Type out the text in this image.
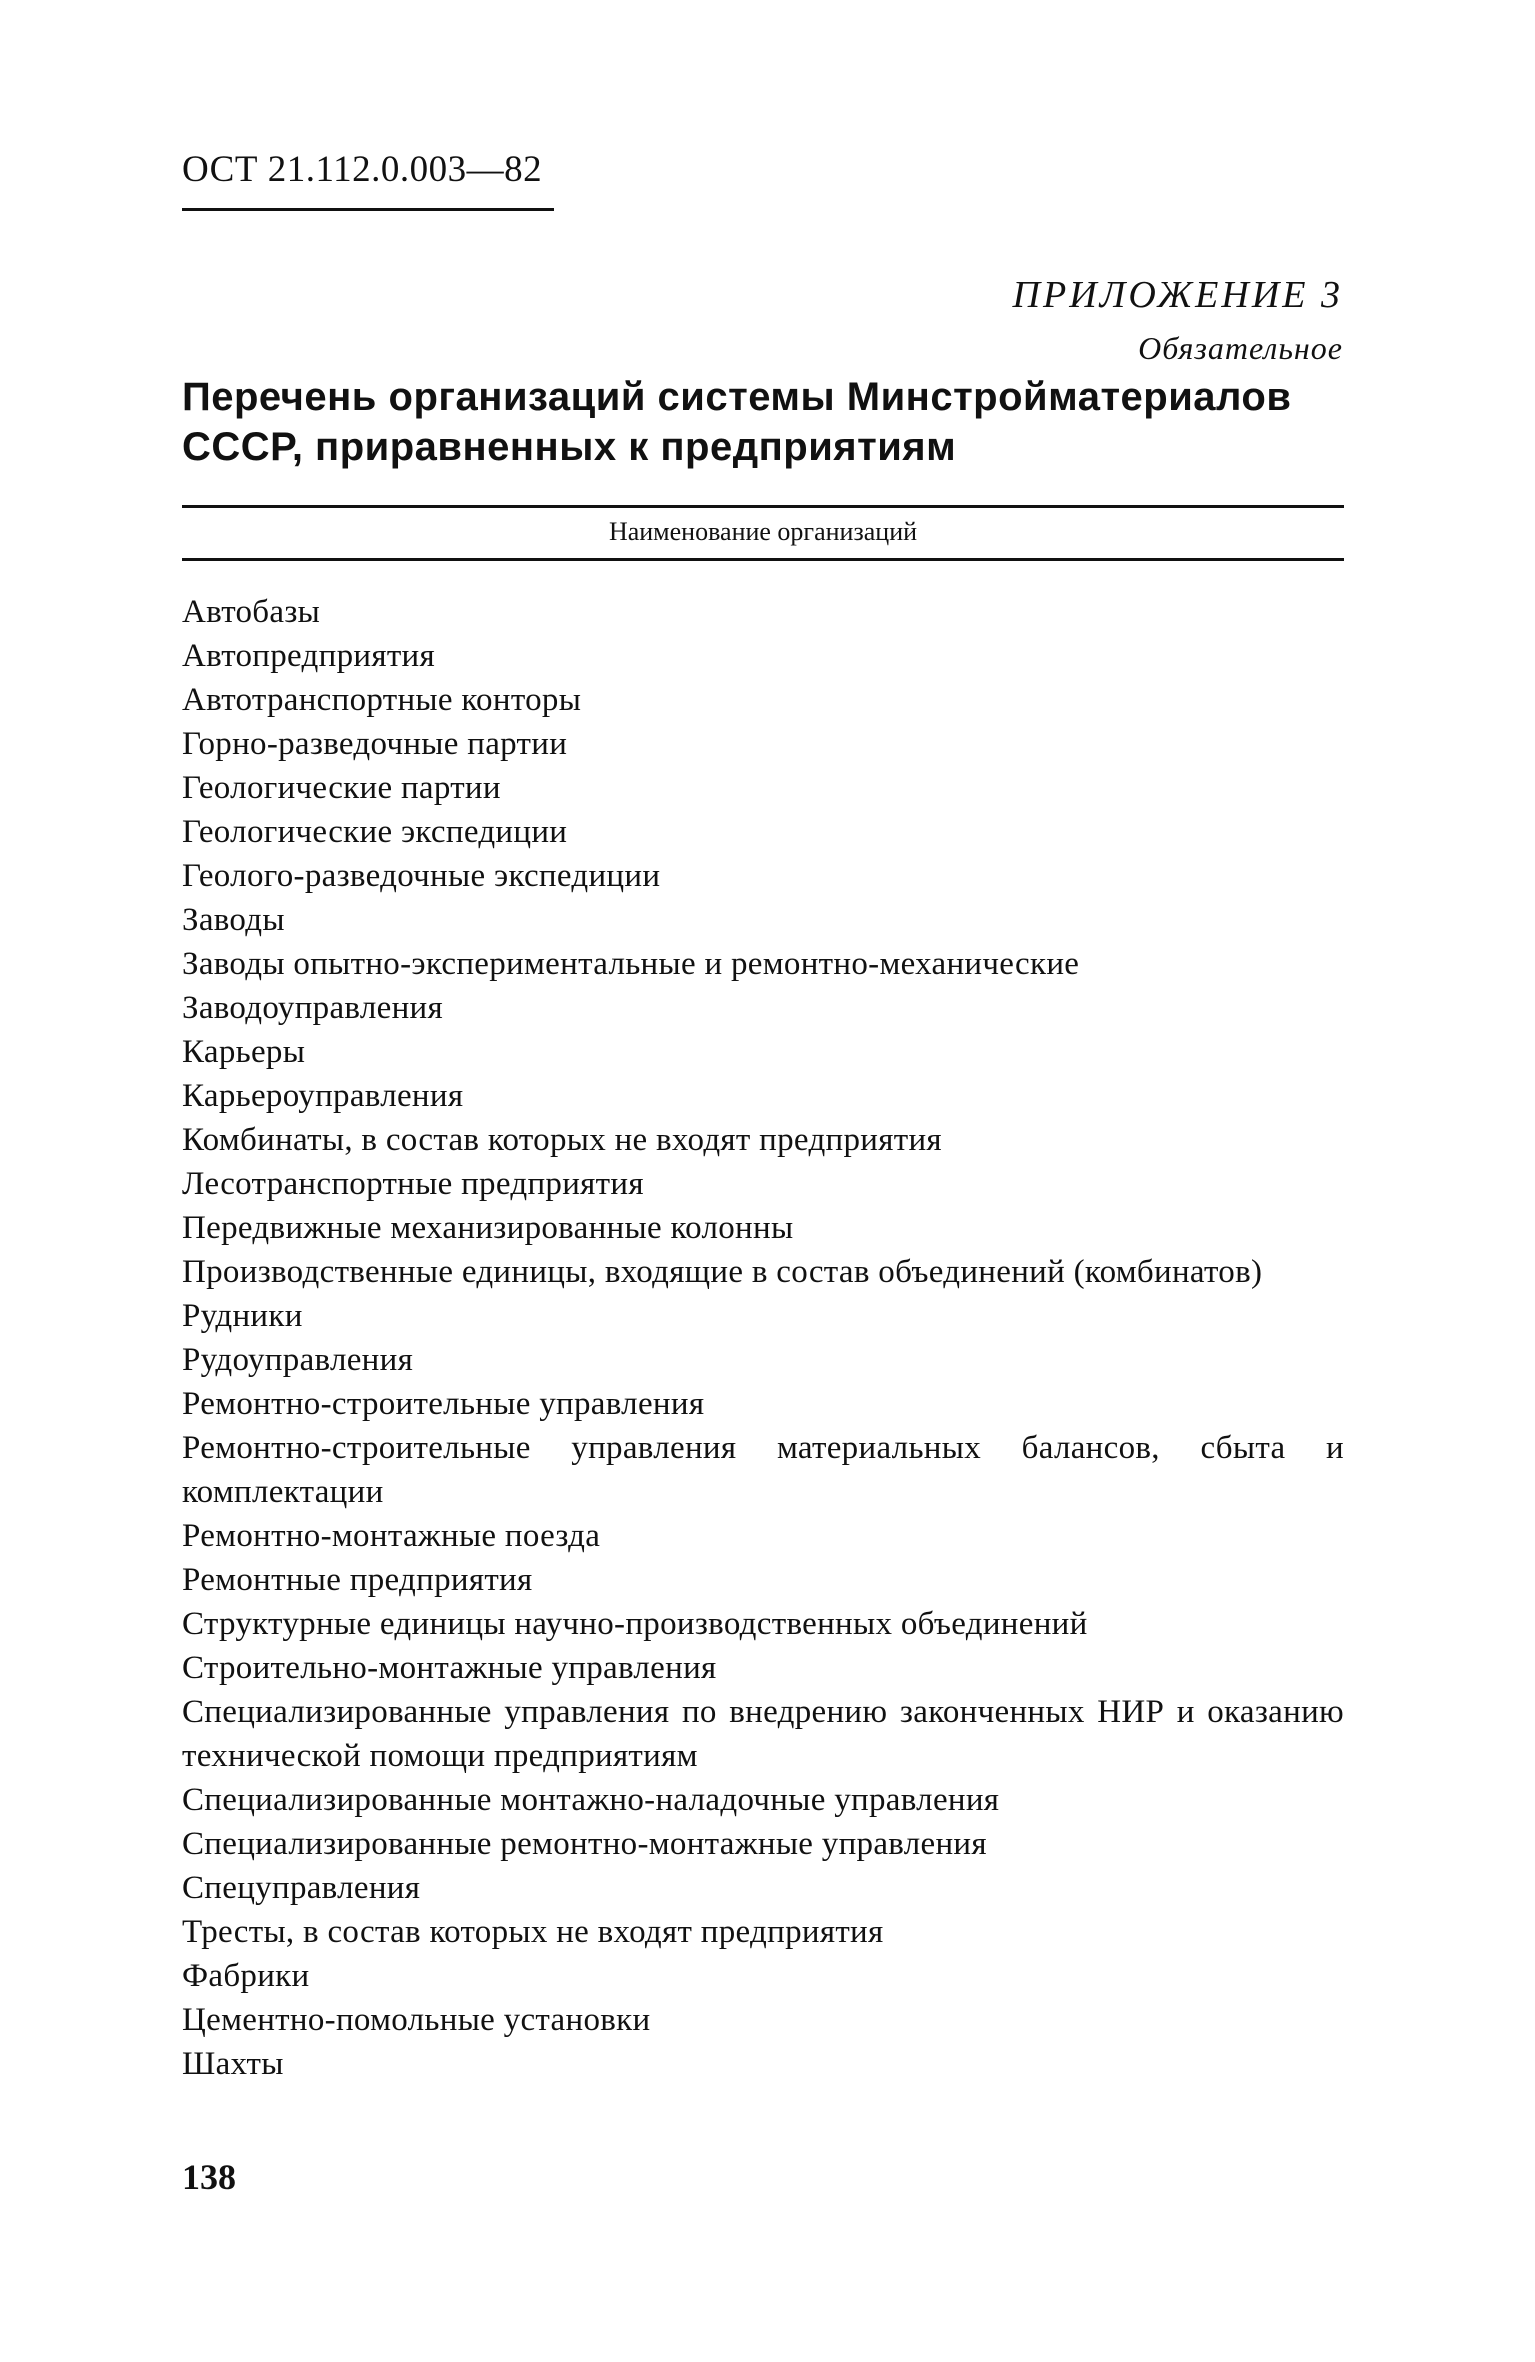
ОСТ 21.112.0.003—82

ПРИЛОЖЕНИЕ 3
Обязательное

Перечень организаций системы Минстройматериалов СССР, приравненных к предприятиям

Наименование организаций

Автобазы
Автопредприятия
Автотранспортные конторы
Горно-разведочные партии
Геологические партии
Геологические экспедиции
Геолого-разведочные экспедиции
Заводы
Заводы опытно-экспериментальные и ремонтно-механические
Заводоуправления
Карьеры
Карьероуправления
Комбинаты, в состав которых не входят предприятия
Лесотранспортные предприятия
Передвижные механизированные колонны
Производственные единицы, входящие в состав объединений (комбинатов)
Рудники
Рудоуправления
Ремонтно-строительные управления
Ремонтно-строительные управления материальных балансов, сбыта и комплектации
Ремонтно-монтажные поезда
Ремонтные предприятия
Структурные единицы научно-производственных объединений
Строительно-монтажные управления
Специализированные управления по внедрению законченных НИР и оказанию технической помощи предприятиям
Специализированные монтажно-наладочные управления
Специализированные ремонтно-монтажные управления
Спецуправления
Тресты, в состав которых не входят предприятия
Фабрики
Цементно-помольные установки
Шахты

138
